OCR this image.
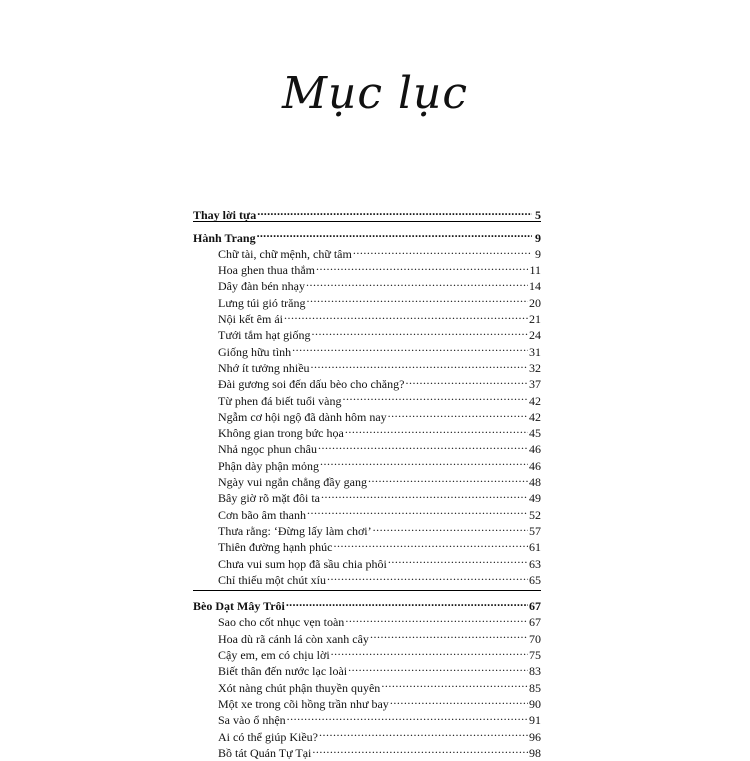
Mục lục
Thay lời tựa .....	5
Hành Trang .....	9
Chữ tài, chữ mệnh, chữ tâm .....	9
Hoa ghen thua thắm .....	11
Dây đàn bén nhạy .....	14
Lưng túi gió trăng .....	20
Nội kết êm ái .....	21
Tưới tắm hạt giống .....	24
Giống hữu tình .....	31
Nhớ ít tưởng nhiều .....	32
Đài gương soi đến dấu bèo cho chăng? .....	37
Từ phen đá biết tuổi vàng .....	42
Ngẫm cơ hội ngộ đã dành hôm nay .....	42
Không gian trong bức họa .....	45
Nhả ngọc phun châu .....	46
Phận dày phận mỏng .....	46
Ngày vui ngắn chẳng đầy gang .....	48
Bây giờ rõ mặt đôi ta .....	49
Cơn bão âm thanh .....	52
Thưa rằng: ‘Đừng lấy làm chơi’ .....	57
Thiên đường hạnh phúc .....	61
Chưa vui sum họp đã sầu chia phôi .....	63
Chỉ thiếu một chút xíu .....	65
Bèo Dạt Mây Trôi .....	67
Sao cho cốt nhục vẹn toàn .....	67
Hoa dù rã cánh lá còn xanh cây .....	70
Cậy em, em có chịu lời .....	75
Biết thân đến nước lạc loài .....	83
Xót nàng chút phận thuyền quyên .....	85
Một xe trong cõi hồng trần như bay .....	90
Sa vào ổ nhện .....	91
Ai có thể giúp Kiều? .....	96
Bồ tát Quán Tự Tại .....	98
